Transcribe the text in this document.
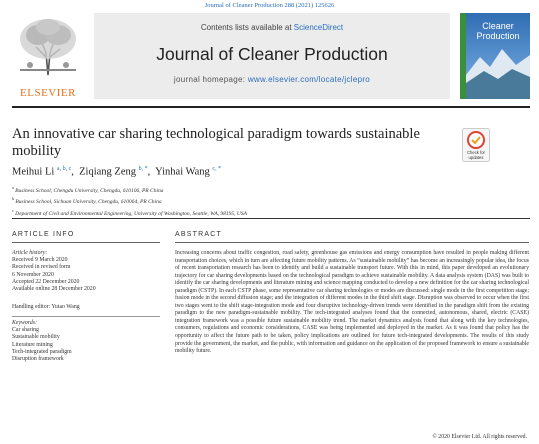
Journal of Cleaner Production 288 (2021) 125626
ELSEVIER
Contents lists available at ScienceDirect
Journal of Cleaner Production
journal homepage: www.elsevier.com/locate/jclepro
Cleaner
Production
An innovative car sharing technological paradigm towards sustainable mobility	Check for
updates
Meihui Li $^{a, b, c}$,  Ziqiang Zeng $^{b, *}$,  Yinhai Wang $^{c, *}$
$^a$ Business School, Chengdu University, Chengdu, 610106, PR China
$^b$ Business School, Sichuan University, Chengdu, 610064, PR China
$^c$ Department of Civil and Environmental Engineering, University of Washington, Seattle, WA, 98195, USA
ARTICLE INFO	ABSTRACT
Article history:
Received 9 March 2020
Received in revised form
6 November 2020
Accepted 22 December 2020
Available online 28 December 2020
Handling editor: Yutao Wang
Keywords:
Car sharing
Sustainable mobility
Literature mining
Tech-integrated paradigm
Disruption framework
Increasing concerns about traffic congestion, road safety, greenhouse gas emissions and energy consumption have resulted in people making different transportation choices, which in turn are affecting future mobility patterns. As “sustainable mobility” has become an increasingly popular idea, the focus of recent transportation research has been to identify and build a sustainable transport future. With this in mind, this paper developed an evolutionary trajectory for car sharing developments based on the technological paradigm to achieve sustainable mobility. A data analysis system (DAS) was built to identify the car sharing developments and literature mining and science mapping conducted to develop a new definition for the car sharing technological paradigm (CSTP). In each CSTP phase, some representative car sharing technologies or modes are discussed: single mode in the first competition stage; fusion mode in the second diffusion stage; and the integration of different modes in the third shift stage. Disruption was observed to occur when the first two stages went to the shift stage-integration mode and four disruptive technology-driven trends were identified in the paradigm shift from the existing paradigm to the new paradigm-sustainable mobility. The tech-integrated analyses found that the connected, autonomous, shared, electric (CASE) integration framework was a possible future sustainable mobility trend. The market dynamics analysis found that along with the key technologies, consumers, regulations and economic considerations, CASE was being implemented and deployed in the market. As it was found that policy has the opportunity to affect the future path to be taken, policy implications are outlined for future tech-integrated developments. The results of this study provide the government, the market, and the public, with information and guidance on the application of the proposed framework to ensure a sustainable mobility future.
© 2020 Elsevier Ltd. All rights reserved.
